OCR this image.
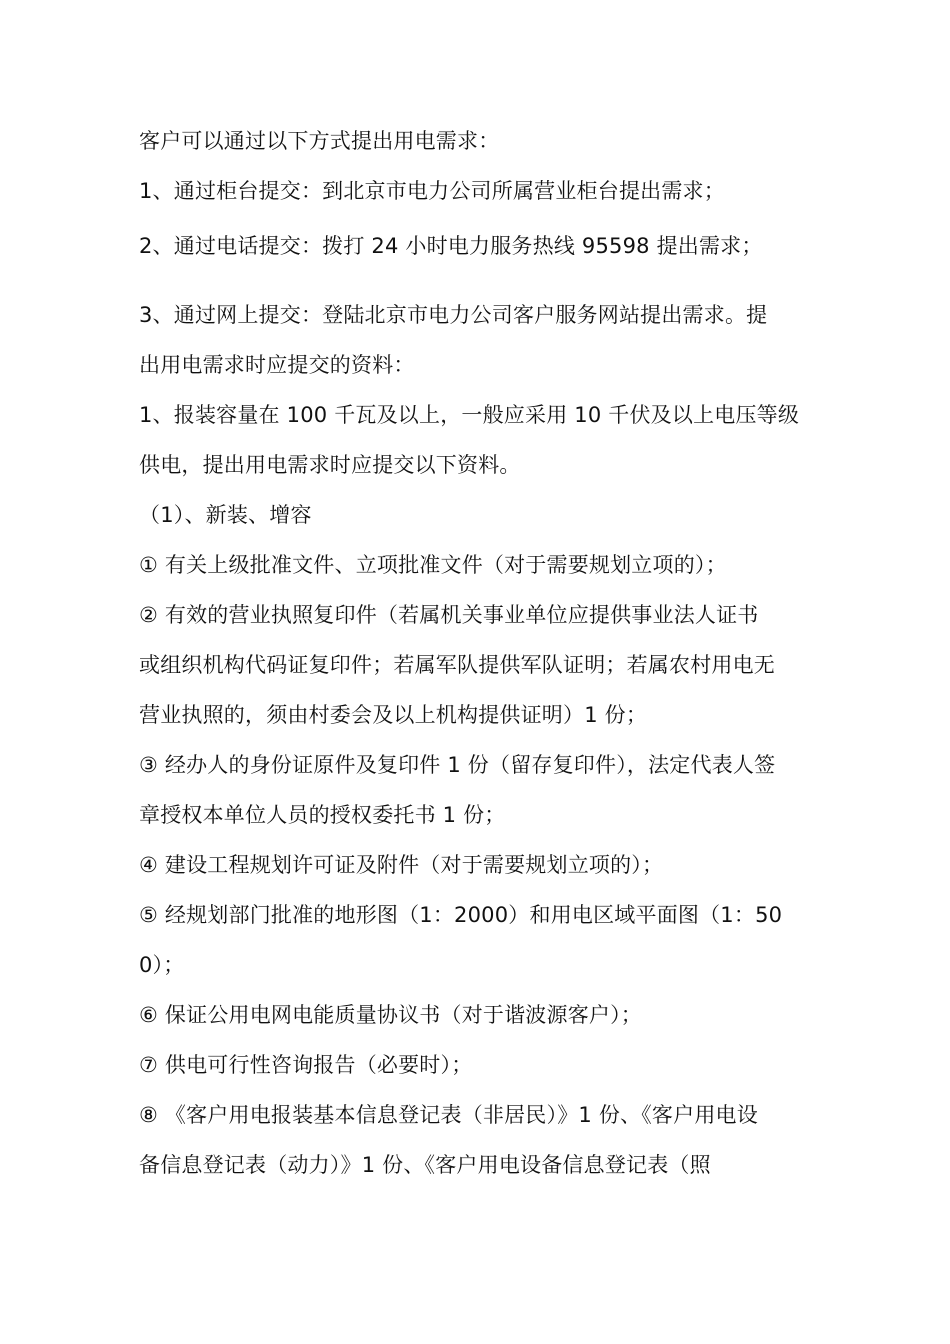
客户可以通过以下方式提出用电需求：
1、通过柜台提交：到北京市电力公司所属营业柜台提出需求；
2、通过电话提交：拨打 24 小时电力服务热线 95598 提出需求；
3、通过网上提交：登陆北京市电力公司客户服务网站提出需求。提
出用电需求时应提交的资料：
1、报装容量在 100 千瓦及以上，一般应采用 10 千伏及以上电压等级
供电，提出用电需求时应提交以下资料。
（1）、新装、增容
① 有关上级批准文件、立项批准文件（对于需要规划立项的）；
② 有效的营业执照复印件（若属机关事业单位应提供事业法人证书
或组织机构代码证复印件；若属军队提供军队证明；若属农村用电无
营业执照的，须由村委会及以上机构提供证明）1 份；
③ 经办人的身份证原件及复印件 1 份（留存复印件），法定代表人签
章授权本单位人员的授权委托书 1 份；
④ 建设工程规划许可证及附件（对于需要规划立项的）；
⑤ 经规划部门批准的地形图（1：2000）和用电区域平面图（1：50
0）；
⑥ 保证公用电网电能质量协议书（对于谐波源客户）；
⑦ 供电可行性咨询报告（必要时）；
⑧ 《客户用电报装基本信息登记表（非居民）》1 份、《客户用电设
备信息登记表（动力）》1 份、《客户用电设备信息登记表（照
